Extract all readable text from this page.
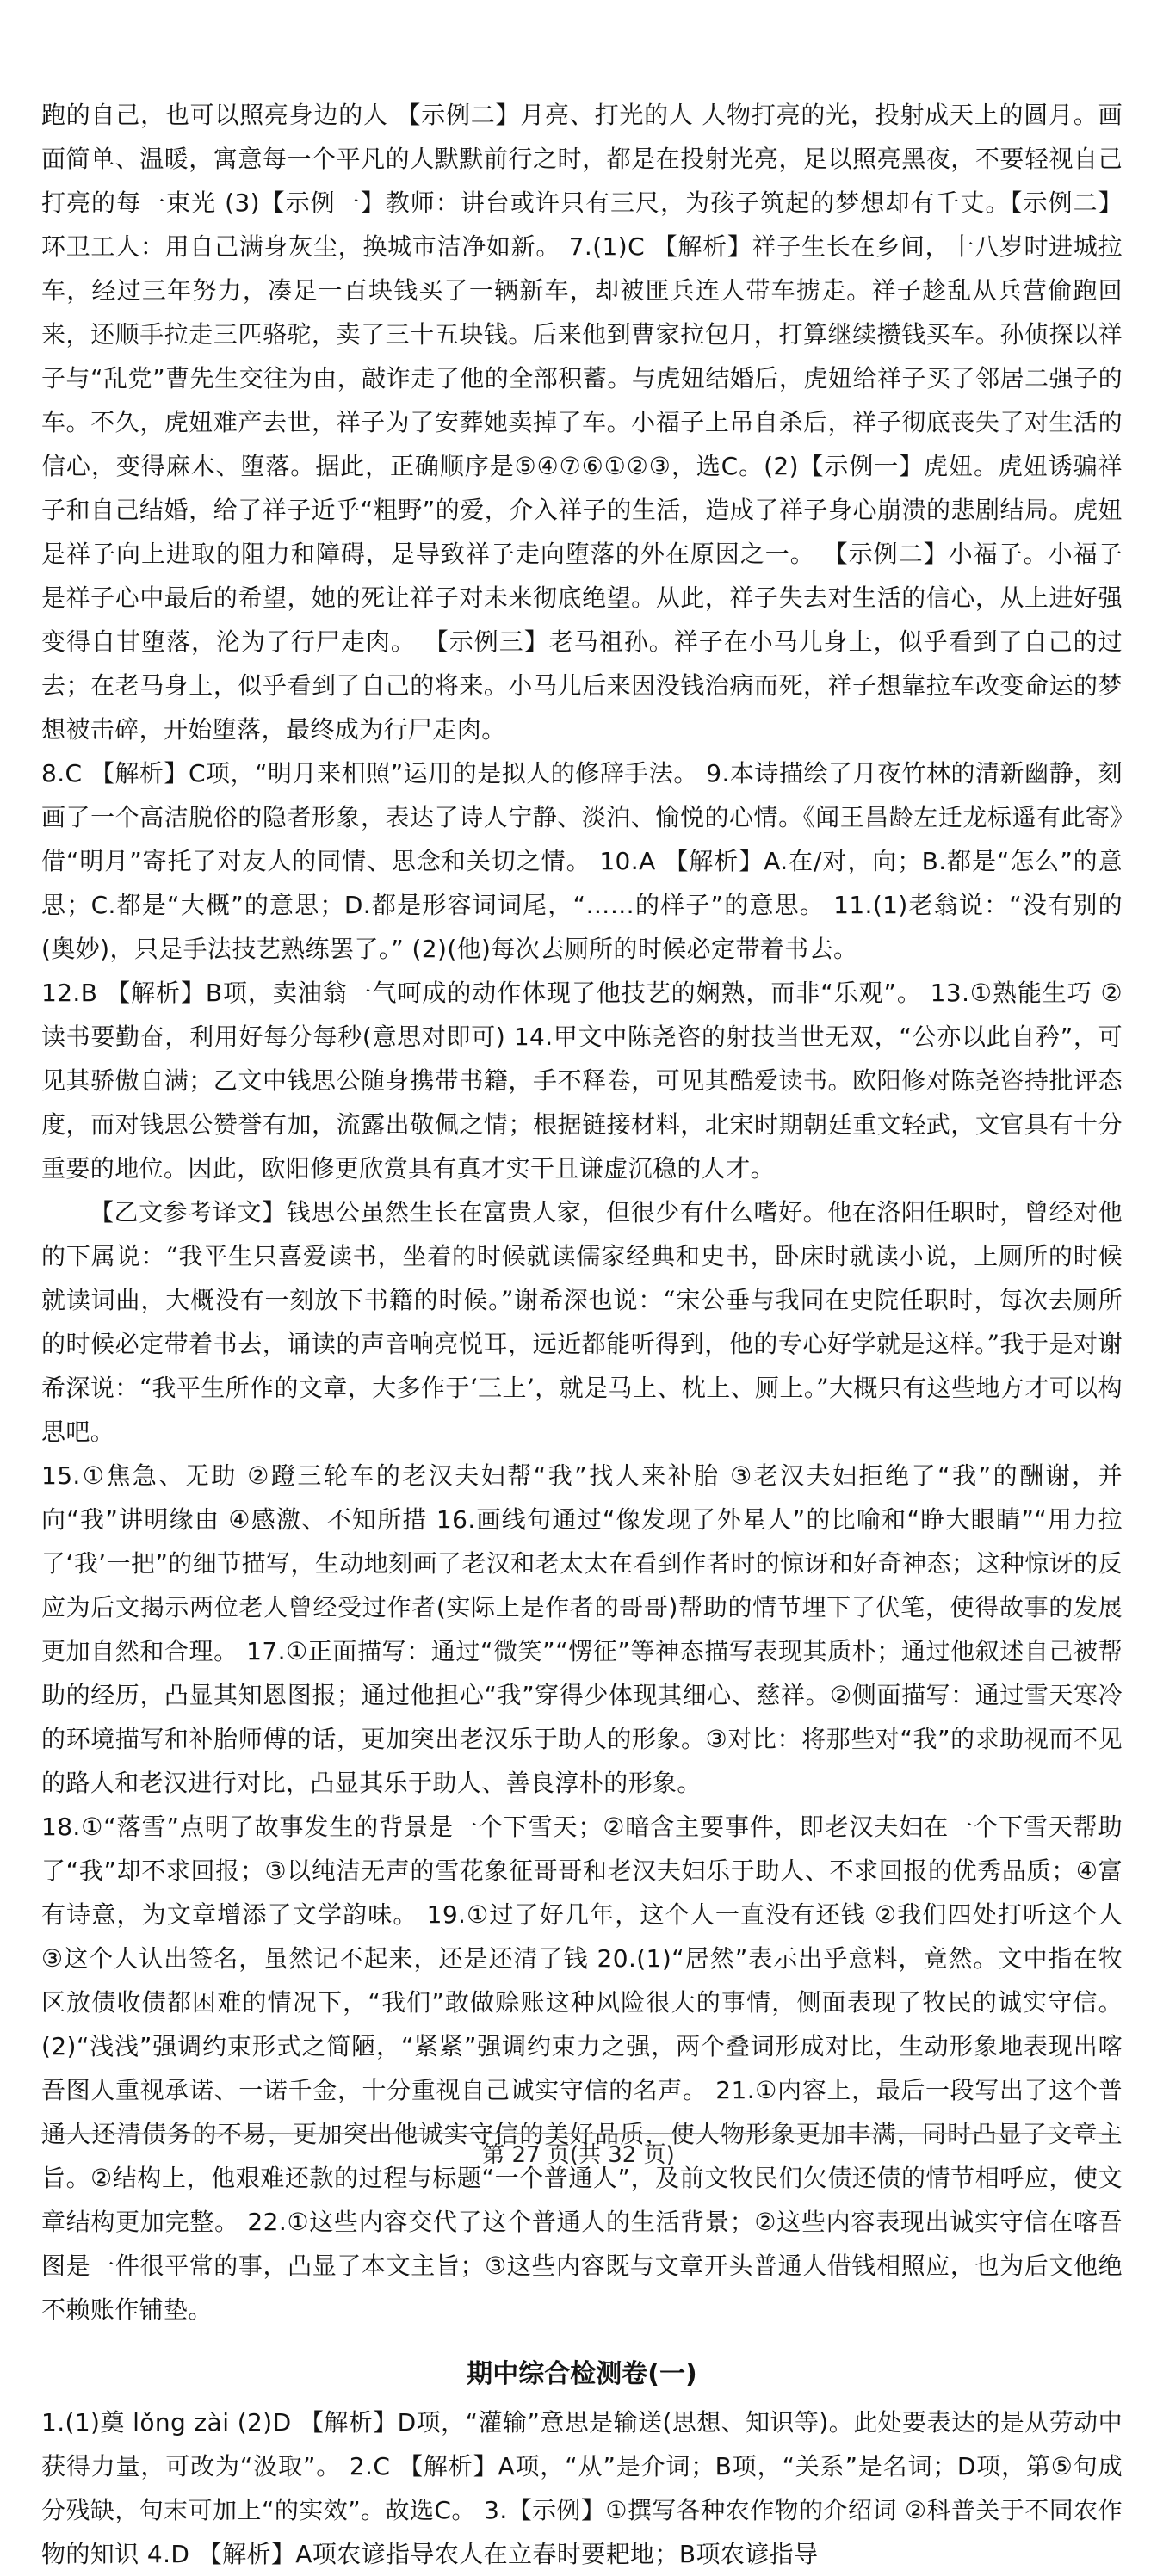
跑的自己，也可以照亮身边的人 【示例二】月亮、打光的人 人物打亮的光，投射成天上的圆月。画面简单、温暖，寓意每一个平凡的人默默前行之时，都是在投射光亮，足以照亮黑夜，不要轻视自己打亮的每一束光 (3)【示例一】教师：讲台或许只有三尺，为孩子筑起的梦想却有千丈。【示例二】环卫工人：用自己满身灰尘，换城市洁净如新。 7.(1)C 【解析】祥子生长在乡间，十八岁时进城拉车，经过三年努力，凑足一百块钱买了一辆新车，却被匪兵连人带车掳走。祥子趁乱从兵营偷跑回来，还顺手拉走三匹骆驼，卖了三十五块钱。后来他到曹家拉包月，打算继续攒钱买车。孙侦探以祥子与“乱党”曹先生交往为由，敲诈走了他的全部积蓄。与虎妞结婚后，虎妞给祥子买了邻居二强子的车。不久，虎妞难产去世，祥子为了安葬她卖掉了车。小福子上吊自杀后，祥子彻底丧失了对生活的信心，变得麻木、堕落。据此，正确顺序是⑤④⑦⑥①②③，选C。(2)【示例一】虎妞。虎妞诱骗祥子和自己结婚，给了祥子近乎“粗野”的爱，介入祥子的生活，造成了祥子身心崩溃的悲剧结局。虎妞是祥子向上进取的阻力和障碍，是导致祥子走向堕落的外在原因之一。 【示例二】小福子。小福子是祥子心中最后的希望，她的死让祥子对未来彻底绝望。从此，祥子失去对生活的信心，从上进好强变得自甘堕落，沦为了行尸走肉。 【示例三】老马祖孙。祥子在小马儿身上，似乎看到了自己的过去；在老马身上，似乎看到了自己的将来。小马儿后来因没钱治病而死，祥子想靠拉车改变命运的梦想被击碎，开始堕落，最终成为行尸走肉。

8.C 【解析】C项，“明月来相照”运用的是拟人的修辞手法。 9.本诗描绘了月夜竹林的清新幽静，刻画了一个高洁脱俗的隐者形象，表达了诗人宁静、淡泊、愉悦的心情。《闻王昌龄左迁龙标遥有此寄》借“明月”寄托了对友人的同情、思念和关切之情。 10.A 【解析】A.在/对，向；B.都是“怎么”的意思；C.都是“大概”的意思；D.都是形容词词尾，“……的样子”的意思。 11.(1)老翁说：“没有别的(奥妙)，只是手法技艺熟练罢了。” (2)(他)每次去厕所的时候必定带着书去。

12.B 【解析】B项，卖油翁一气呵成的动作体现了他技艺的娴熟，而非“乐观”。 13.①熟能生巧 ②读书要勤奋，利用好每分每秒(意思对即可) 14.甲文中陈尧咨的射技当世无双，“公亦以此自矜”，可见其骄傲自满；乙文中钱思公随身携带书籍，手不释卷，可见其酷爱读书。欧阳修对陈尧咨持批评态度，而对钱思公赞誉有加，流露出敬佩之情；根据链接材料，北宋时期朝廷重文轻武，文官具有十分重要的地位。因此，欧阳修更欣赏具有真才实干且谦虚沉稳的人才。

【乙文参考译文】钱思公虽然生长在富贵人家，但很少有什么嗜好。他在洛阳任职时，曾经对他的下属说：“我平生只喜爱读书，坐着的时候就读儒家经典和史书，卧床时就读小说，上厕所的时候就读词曲，大概没有一刻放下书籍的时候。”谢希深也说：“宋公垂与我同在史院任职时，每次去厕所的时候必定带着书去，诵读的声音响亮悦耳，远近都能听得到，他的专心好学就是这样。”我于是对谢希深说：“我平生所作的文章，大多作于‘三上’，就是马上、枕上、厕上。”大概只有这些地方才可以构思吧。

15.①焦急、无助 ②蹬三轮车的老汉夫妇帮“我”找人来补胎 ③老汉夫妇拒绝了“我”的酬谢，并向“我”讲明缘由 ④感激、不知所措 16.画线句通过“像发现了外星人”的比喻和“睁大眼睛”“用力拉了‘我’一把”的细节描写，生动地刻画了老汉和老太太在看到作者时的惊讶和好奇神态；这种惊讶的反应为后文揭示两位老人曾经受过作者(实际上是作者的哥哥)帮助的情节埋下了伏笔，使得故事的发展更加自然和合理。 17.①正面描写：通过“微笑”“愣征”等神态描写表现其质朴；通过他叙述自己被帮助的经历，凸显其知恩图报；通过他担心“我”穿得少体现其细心、慈祥。②侧面描写：通过雪天寒冷的环境描写和补胎师傅的话，更加突出老汉乐于助人的形象。③对比：将那些对“我”的求助视而不见的路人和老汉进行对比，凸显其乐于助人、善良淳朴的形象。

18.①“落雪”点明了故事发生的背景是一个下雪天；②暗含主要事件，即老汉夫妇在一个下雪天帮助了“我”却不求回报；③以纯洁无声的雪花象征哥哥和老汉夫妇乐于助人、不求回报的优秀品质；④富有诗意，为文章增添了文学韵味。 19.①过了好几年，这个人一直没有还钱 ②我们四处打听这个人 ③这个人认出签名，虽然记不起来，还是还清了钱 20.(1)“居然”表示出乎意料，竟然。文中指在牧区放债收债都困难的情况下，“我们”敢做赊账这种风险很大的事情，侧面表现了牧民的诚实守信。 (2)“浅浅”强调约束形式之简陋，“紧紧”强调约束力之强，两个叠词形成对比，生动形象地表现出喀吾图人重视承诺、一诺千金，十分重视自己诚实守信的名声。 21.①内容上，最后一段写出了这个普通人还清债务的不易，更加突出他诚实守信的美好品质，使人物形象更加丰满，同时凸显了文章主旨。②结构上，他艰难还款的过程与标题“一个普通人”，及前文牧民们欠债还债的情节相呼应，使文章结构更加完整。 22.①这些内容交代了这个普通人的生活背景；②这些内容表现出诚实守信在喀吾图是一件很平常的事，凸显了本文主旨；③这些内容既与文章开头普通人借钱相照应，也为后文他绝不赖账作铺垫。

期中综合检测卷(一)

1.(1)奠 lǒng zài (2)D 【解析】D项，“灌输”意思是输送(思想、知识等)。此处要表达的是从劳动中获得力量，可改为“汲取”。 2.C 【解析】A项，“从”是介词；B项，“关系”是名词；D项，第⑤句成分残缺，句末可加上“的实效”。故选C。 3.【示例】①撰写各种农作物的介绍词 ②科普关于不同农作物的知识 4.D 【解析】A项农谚指导农人在立春时要耙地；B项农谚指导

第 27 页(共 32 页)
